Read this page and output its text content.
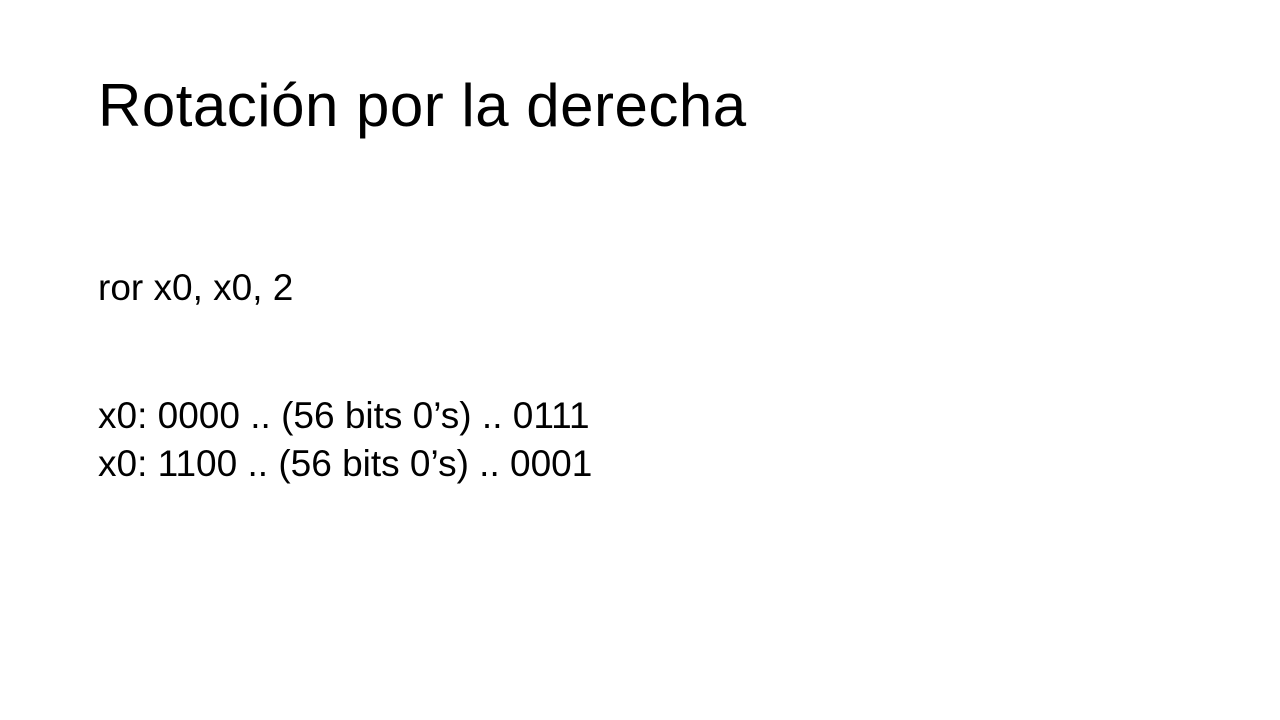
Rotación por la derecha
ror x0, x0, 2
x0: 0000 .. (56 bits 0’s) .. 0111
x0: 1100 .. (56 bits 0’s) .. 0001
